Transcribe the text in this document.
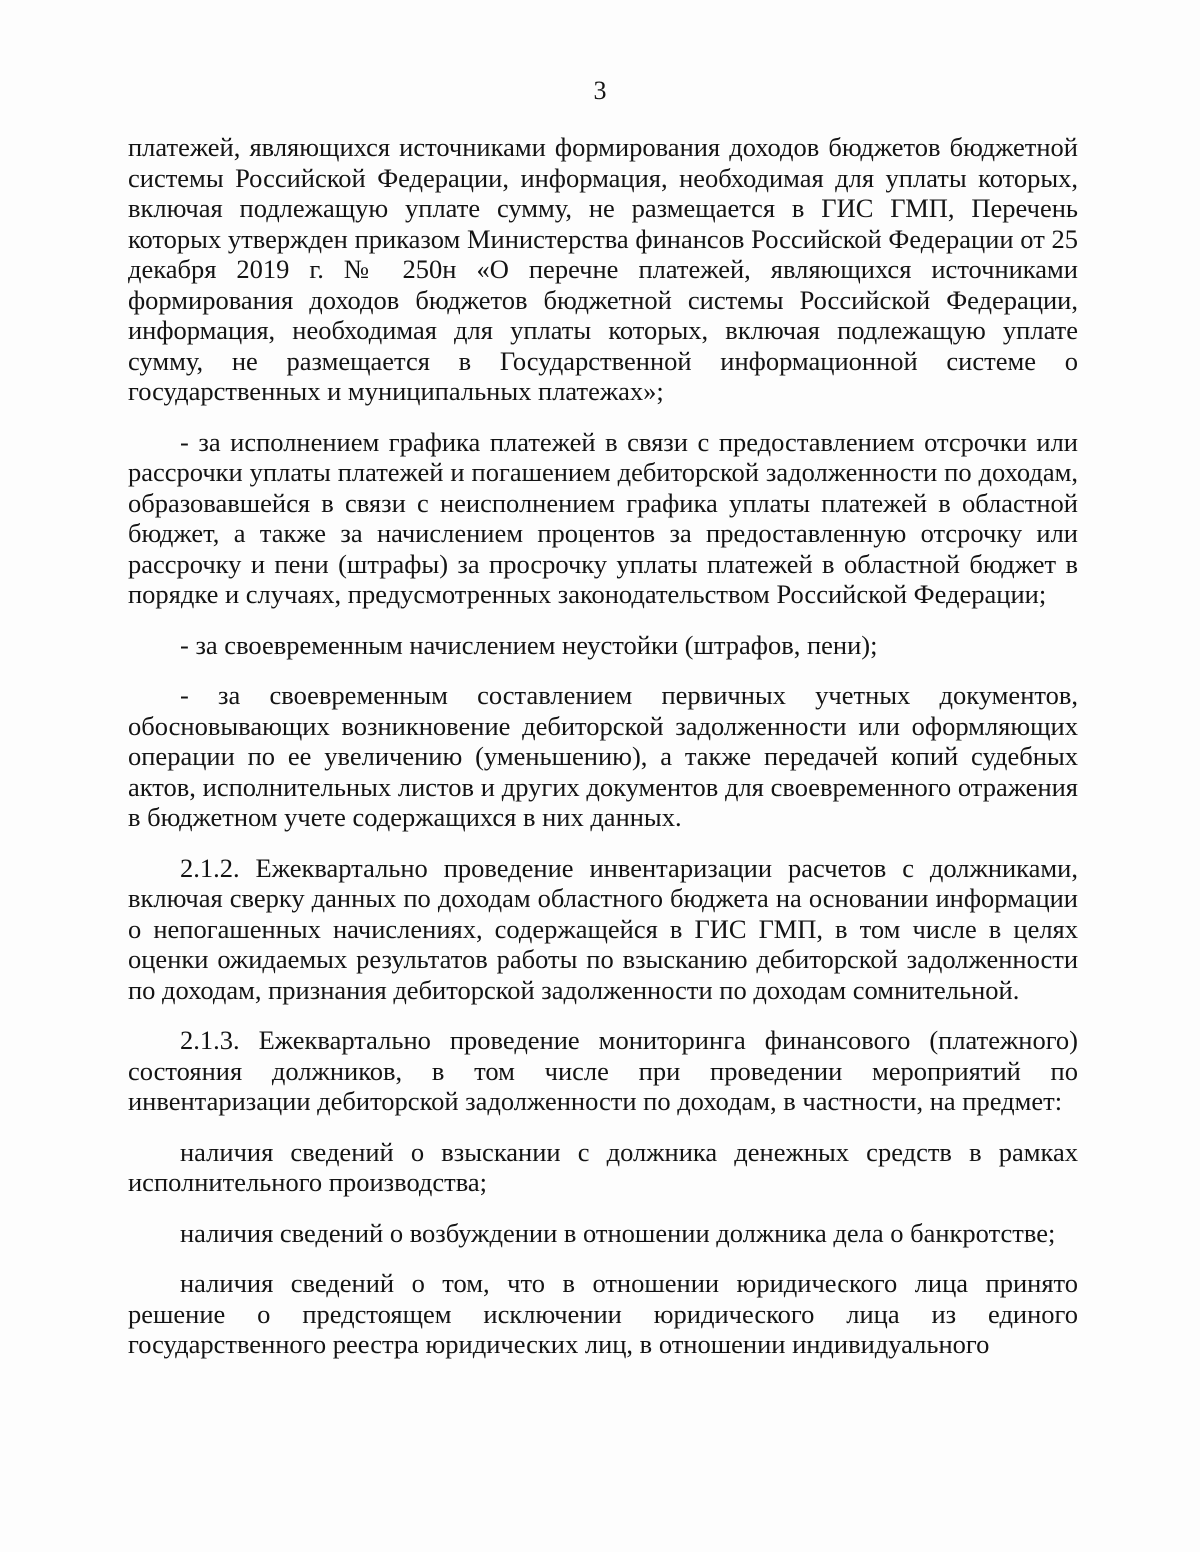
3

платежей, являющихся источниками формирования доходов бюджетов бюджетной системы Российской Федерации, информация, необходимая для уплаты которых, включая подлежащую уплате сумму, не размещается в ГИС ГМП, Перечень которых утвержден приказом Министерства финансов Российской Федерации от 25 декабря 2019 г. № 250н «О перечне платежей, являющихся источниками формирования доходов бюджетов бюджетной системы Российской Федерации, информация, необходимая для уплаты которых, включая подлежащую уплате сумму, не размещается в Государственной информационной системе о государственных и муниципальных платежах»;

- за исполнением графика платежей в связи с предоставлением отсрочки или рассрочки уплаты платежей и погашением дебиторской задолженности по доходам, образовавшейся в связи с неисполнением графика уплаты платежей в областной бюджет, а также за начислением процентов за предоставленную отсрочку или рассрочку и пени (штрафы) за просрочку уплаты платежей в областной бюджет в порядке и случаях, предусмотренных законодательством Российской Федерации;

- за своевременным начислением неустойки (штрафов, пени);

- за своевременным составлением первичных учетных документов, обосновывающих возникновение дебиторской задолженности или оформляющих операции по ее увеличению (уменьшению), а также передачей копий судебных актов, исполнительных листов и других документов для своевременного отражения в бюджетном учете содержащихся в них данных.

2.1.2. Ежеквартально проведение инвентаризации расчетов с должниками, включая сверку данных по доходам областного бюджета на основании информации о непогашенных начислениях, содержащейся в ГИС ГМП, в том числе в целях оценки ожидаемых результатов работы по взысканию дебиторской задолженности по доходам, признания дебиторской задолженности по доходам сомнительной.

2.1.3. Ежеквартально проведение мониторинга финансового (платежного) состояния должников, в том числе при проведении мероприятий по инвентаризации дебиторской задолженности по доходам, в частности, на предмет:

наличия сведений о взыскании с должника денежных средств в рамках исполнительного производства;

наличия сведений о возбуждении в отношении должника дела о банкротстве;

наличия сведений о том, что в отношении юридического лица принято решение о предстоящем исключении юридического лица из единого государственного реестра юридических лиц, в отношении индивидуального
